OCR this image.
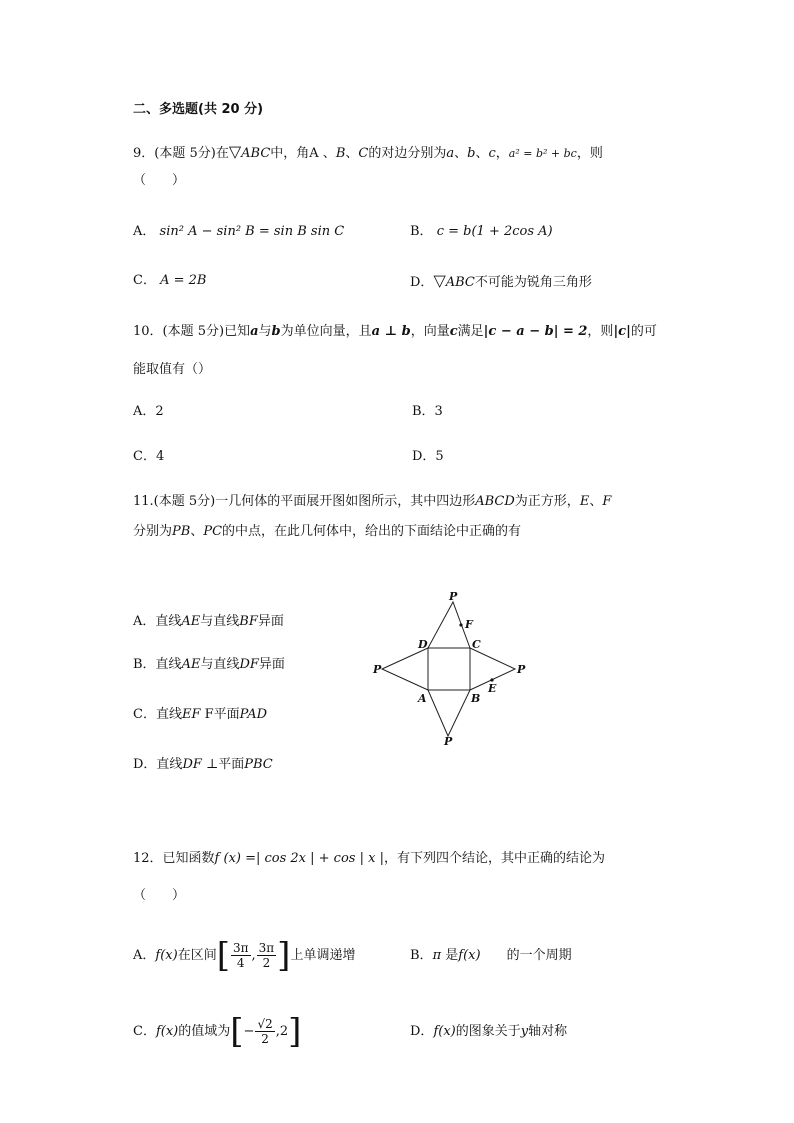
二、多选题(共 20 分)
9．(本题 5分)在▽ABC中，角A 、B、C的对边分别为a、b、c，a² = b² + bc，则
（　　）
A． sin² A − sin² B = sin B sin C	B． c = b(1 + 2cos A)
C． A = 2B	D．▽ABC不可能为锐角三角形
10．(本题 5分)已知a与b为单位向量，且a ⊥ b，向量c满足|c − a − b| = 2，则|c|的可
能取值有（）
A．2	B．3
C．4	D．5
11.(本题 5分)一几何体的平面展开图如图所示，其中四边形ABCD为正方形，E、F
分别为PB、PC的中点，在此几何体中，给出的下面结论中正确的有
A．直线AE与直线BF异面
B．直线AE与直线DF异面
C．直线EF F平面PAD
D．直线DF ⊥平面PBC
P
F
D	C
P	P
A	B
E
P
12．已知函数f (x) =| cos 2x | + cos | x |，有下列四个结论，其中正确的结论为
（　　）
A．f(x)在区间[ $\frac{3\pi}{4}$ , $\frac{3\pi}{2}$ ]上单调递增	B．π 是f(x)　　 的一个周期
C．f(x)的值域为[− $\frac{√2}{2} ,2$]	D．f(x)的图象关于y轴对称
